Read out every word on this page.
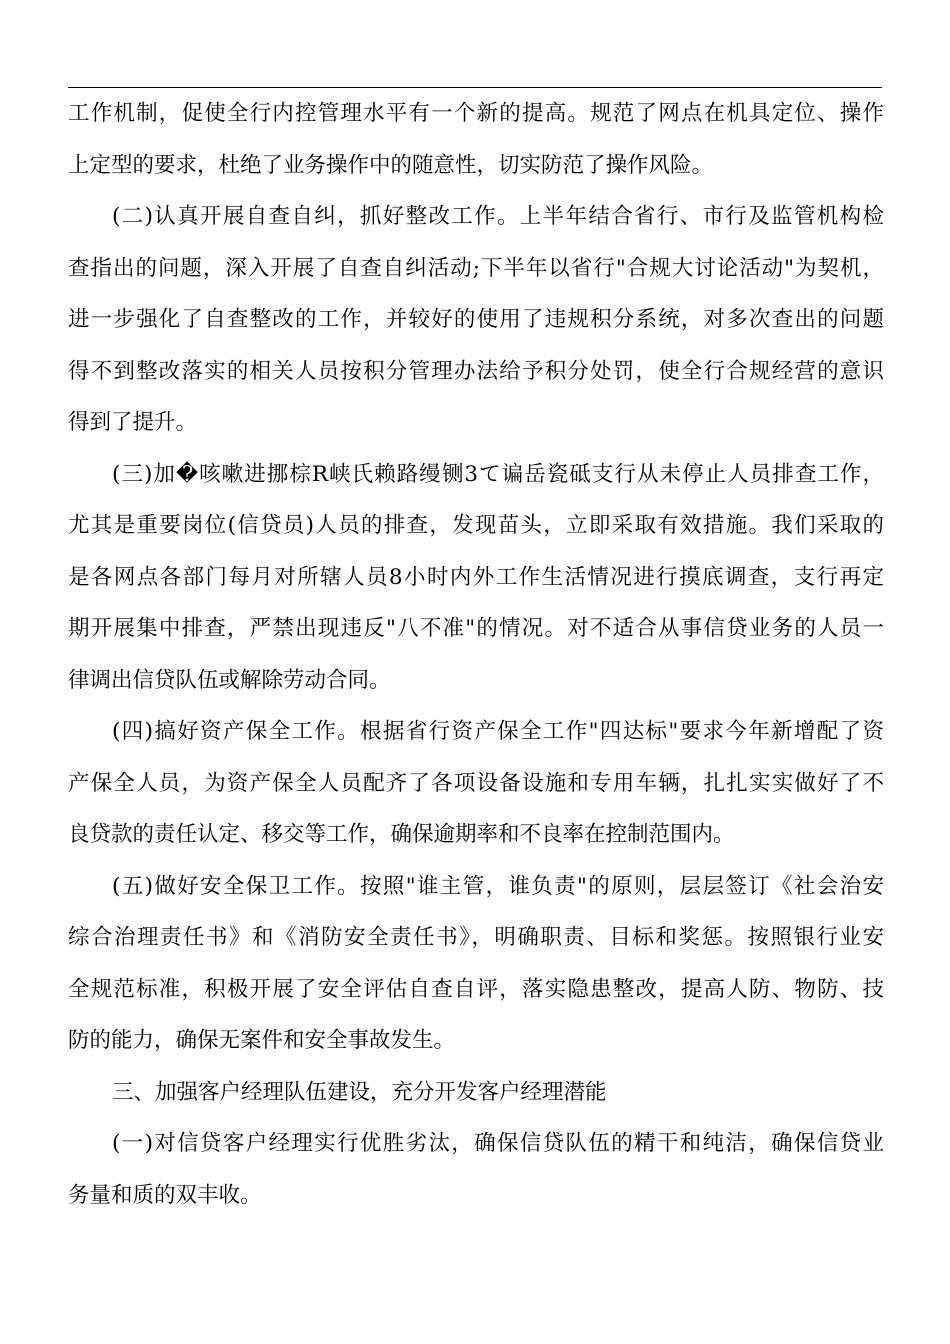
工作机制，促使全行内控管理水平有一个新的提高。规范了网点在机具定位、操作
上定型的要求，杜绝了业务操作中的随意性，切实防范了操作风险。
(二)认真开展自查自纠，抓好整改工作。上半年结合省行、市行及监管机构检
查指出的问题，深入开展了自查自纠活动;下半年以省行"合规大讨论活动"为契机，
进一步强化了自查整改的工作，并较好的使用了违规积分系统，对多次查出的问题
得不到整改落实的相关人员按积分管理办法给予积分处罚，使全行合规经营的意识
得到了提升。
(三)加�咳嗽进挪棕R峡氏赖路缦铡3て谝岳瓷砥支行从未停止人员排查工作，
尤其是重要岗位(信贷员)人员的排查，发现苗头，立即采取有效措施。我们采取的
是各网点各部门每月对所辖人员8小时内外工作生活情况进行摸底调查，支行再定
期开展集中排查，严禁出现违反"八不准"的情况。对不适合从事信贷业务的人员一
律调出信贷队伍或解除劳动合同。
(四)搞好资产保全工作。根据省行资产保全工作"四达标"要求今年新增配了资
产保全人员，为资产保全人员配齐了各项设备设施和专用车辆，扎扎实实做好了不
良贷款的责任认定、移交等工作，确保逾期率和不良率在控制范围内。
(五)做好安全保卫工作。按照"谁主管，谁负责"的原则，层层签订《社会治安
综合治理责任书》和《消防安全责任书》，明确职责、目标和奖惩。按照银行业安
全规范标准，积极开展了安全评估自查自评，落实隐患整改，提高人防、物防、技
防的能力，确保无案件和安全事故发生。
三、加强客户经理队伍建设，充分开发客户经理潜能
(一)对信贷客户经理实行优胜劣汰，确保信贷队伍的精干和纯洁，确保信贷业
务量和质的双丰收。
